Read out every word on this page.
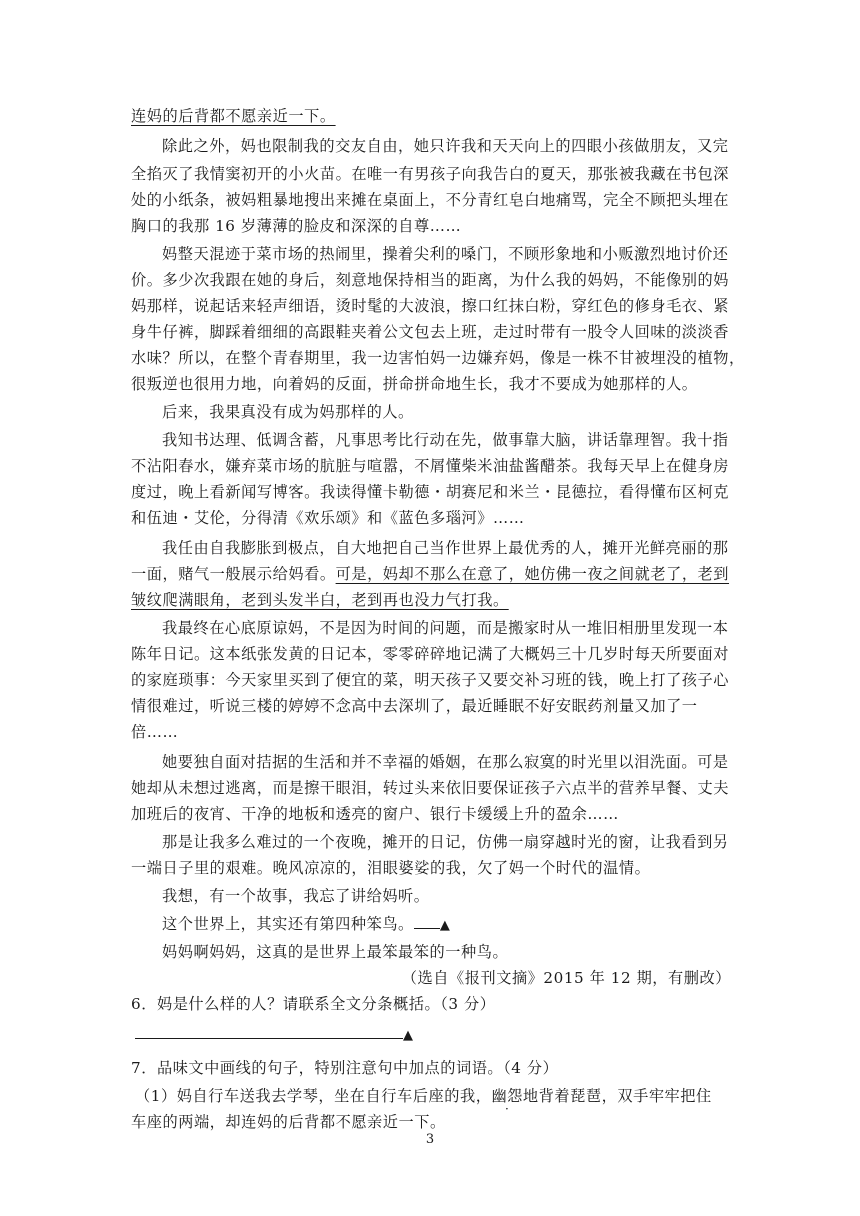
连妈的后背都不愿亲近一下。
除此之外，妈也限制我的交友自由，她只许我和天天向上的四眼小孩做朋友，又完
全掐灭了我情窦初开的小火苗。在唯一有男孩子向我告白的夏天，那张被我藏在书包深
处的小纸条，被妈粗暴地搜出来摊在桌面上，不分青红皂白地痛骂，完全不顾把头埋在
胸口的我那 16 岁薄薄的脸皮和深深的自尊……
妈整天混迹于菜市场的热闹里，操着尖利的嗓门，不顾形象地和小贩激烈地讨价还
价。多少次我跟在她的身后，刻意地保持相当的距离，为什么我的妈妈，不能像别的妈
妈那样，说起话来轻声细语，烫时髦的大波浪，擦口红抹白粉，穿红色的修身毛衣、紧
身牛仔裤，脚踩着细细的高跟鞋夹着公文包去上班，走过时带有一股令人回味的淡淡香
水味？所以，在整个青春期里，我一边害怕妈一边嫌弃妈，像是一株不甘被埋没的植物，
很叛逆也很用力地，向着妈的反面，拼命拼命地生长，我才不要成为她那样的人。
后来，我果真没有成为妈那样的人。
我知书达理、低调含蓄，凡事思考比行动在先，做事靠大脑，讲话靠理智。我十指
不沾阳春水，嫌弃菜市场的肮脏与喧嚣，不屑懂柴米油盐酱醋茶。我每天早上在健身房
度过，晚上看新闻写博客。我读得懂卡勒德・胡赛尼和米兰・昆德拉，看得懂布区柯克
和伍迪・艾伦，分得清《欢乐颂》和《蓝色多瑙河》……
我任由自我膨胀到极点，自大地把自己当作世界上最优秀的人，摊开光鲜亮丽的那
一面，赌气一般展示给妈看。可是，妈却不那么在意了，她仿佛一夜之间就老了，老到
皱纹爬满眼角，老到头发半白，老到再也没力气打我。
我最终在心底原谅妈，不是因为时间的问题，而是搬家时从一堆旧相册里发现一本
陈年日记。这本纸张发黄的日记本，零零碎碎地记满了大概妈三十几岁时每天所要面对
的家庭琐事：今天家里买到了便宜的菜，明天孩子又要交补习班的钱，晚上打了孩子心
情很难过，听说三楼的婷婷不念高中去深圳了，最近睡眠不好安眠药剂量又加了一
倍……
她要独自面对拮据的生活和并不幸福的婚姻，在那么寂寞的时光里以泪洗面。可是
她却从未想过逃离，而是擦干眼泪，转过头来依旧要保证孩子六点半的营养早餐、丈夫
加班后的夜宵、干净的地板和透亮的窗户、银行卡缓缓上升的盈余……
那是让我多么难过的一个夜晚，摊开的日记，仿佛一扇穿越时光的窗，让我看到另
一端日子里的艰难。晚风凉凉的，泪眼婆娑的我，欠了妈一个时代的温情。
我想，有一个故事，我忘了讲给妈听。
这个世界上，其实还有第四种笨鸟。 ▲
妈妈啊妈妈，这真的是世界上最笨最笨的一种鸟。
（选自《报刊文摘》2015 年 12 期，有删改）
6．妈是什么样的人？请联系全文分条概括。（3 分）
▲
7．品味文中画线的句子，特别注意句中加点的词语。（4 分）
（1）妈自行车送我去学琴，坐在自行车后座的我，幽怨地背着琵琶，双手牢牢把住
车座的两端，却连妈的后背都不愿亲近一下。
3
